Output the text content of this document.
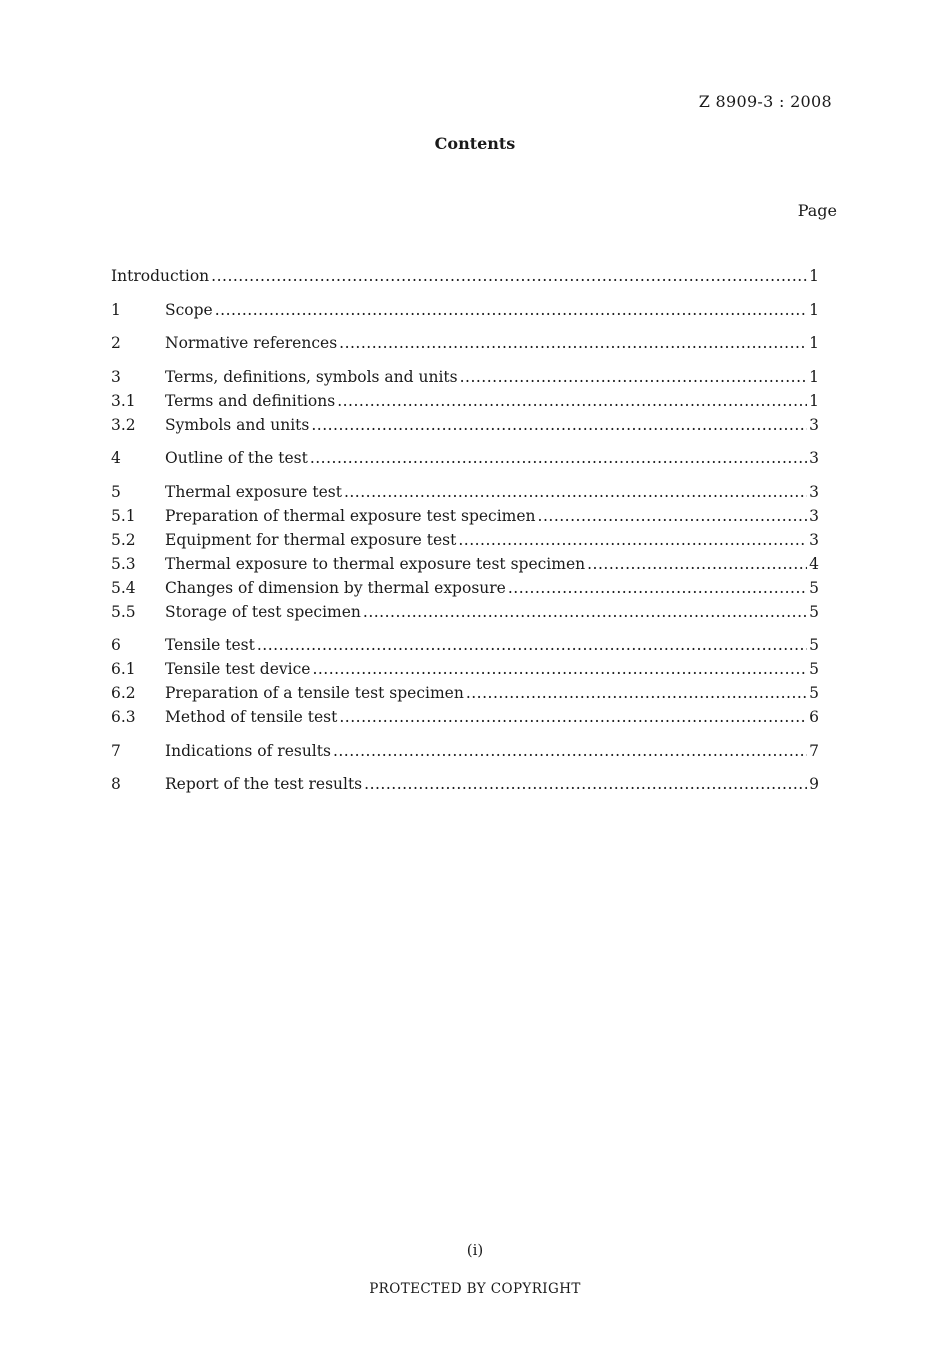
Z 8909-3 : 2008
Contents
Page
Introduction .....	1
1	Scope .....	1
2	Normative references .....	1
3	Terms, definitions, symbols and units .....	1
3.1	Terms and definitions .....	1
3.2	Symbols and units .....	3
4	Outline of the test .....	3
5	Thermal exposure test .....	3
5.1	Preparation of thermal exposure test specimen .....	3
5.2	Equipment for thermal exposure test .....	3
5.3	Thermal exposure to thermal exposure test specimen .....	4
5.4	Changes of dimension by thermal exposure .....	5
5.5	Storage of test specimen .....	5
6	Tensile test .....	5
6.1	Tensile test device .....	5
6.2	Preparation of a tensile test specimen .....	5
6.3	Method of tensile test .....	6
7	Indications of results .....	7
8	Report of the test results .....	9
(i)
PROTECTED BY COPYRIGHT
